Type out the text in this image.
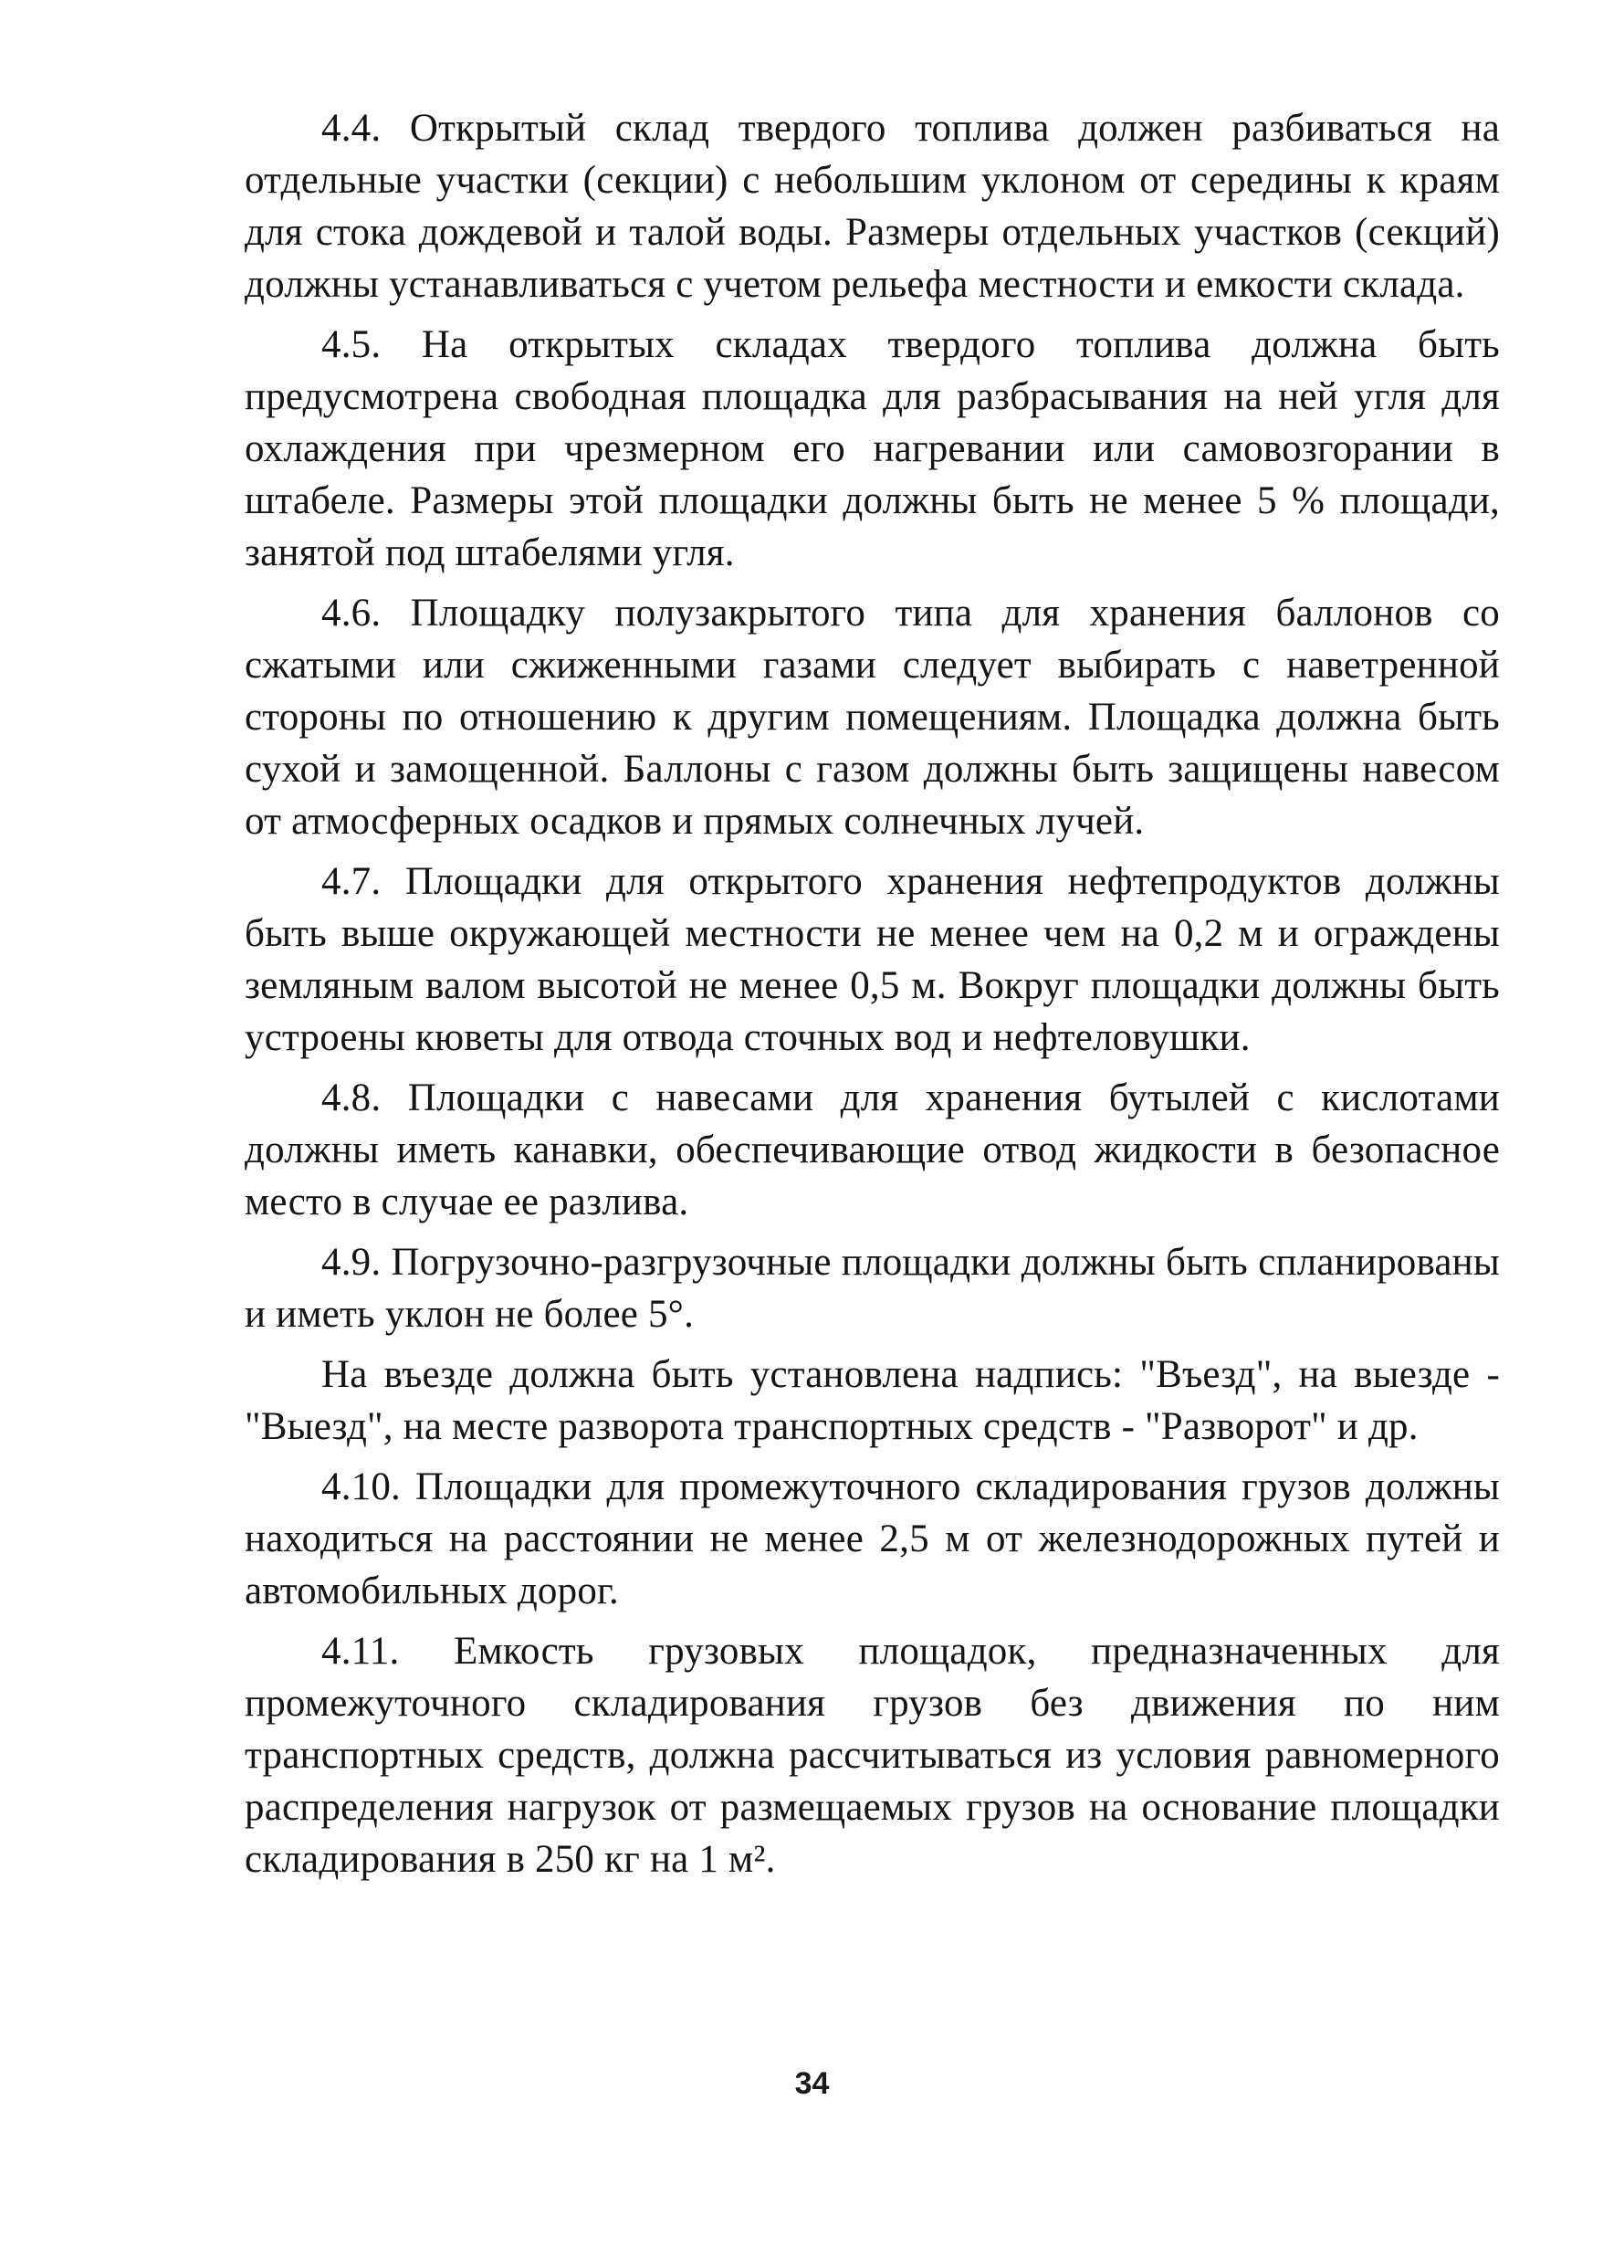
4.4. Открытый склад твердого топлива должен разбиваться на отдельные участки (секции) с небольшим уклоном от середины к краям для стока дождевой и талой воды. Размеры отдельных участков (секций) должны устанавливаться с учетом рельефа местности и емкости склада.

4.5. На открытых складах твердого топлива должна быть предусмотрена свободная площадка для разбрасывания на ней угля для охлаждения при чрезмерном его нагревании или самовозгорании в штабеле. Размеры этой площадки должны быть не менее 5 % площади, занятой под штабелями угля.

4.6. Площадку полузакрытого типа для хранения баллонов со сжатыми или сжиженными газами следует выбирать с наветренной стороны по отношению к другим помещениям. Площадка должна быть сухой и замощенной. Баллоны с газом должны быть защищены навесом от атмосферных осадков и прямых солнечных лучей.

4.7. Площадки для открытого хранения нефтепродуктов должны быть выше окружающей местности не менее чем на 0,2 м и ограждены земляным валом высотой не менее 0,5 м. Вокруг площадки должны быть устроены кюветы для отвода сточных вод и нефтеловушки.

4.8. Площадки с навесами для хранения бутылей с кислотами должны иметь канавки, обеспечивающие отвод жидкости в безопасное место в случае ее разлива.

4.9. Погрузочно-разгрузочные площадки должны быть спланированы и иметь уклон не более 5°.

На въезде должна быть установлена надпись: "Въезд", на выезде - "Выезд", на месте разворота транспортных средств - "Разворот" и др.

4.10. Площадки для промежуточного складирования грузов должны находиться на расстоянии не менее 2,5 м от железнодорожных путей и автомобильных дорог.

4.11. Емкость грузовых площадок, предназначенных для промежуточного складирования грузов без движения по ним транспортных средств, должна рассчитываться из условия равномерного распределения нагрузок от размещаемых грузов на основание площадки складирования в 250 кг на 1 м².

34
